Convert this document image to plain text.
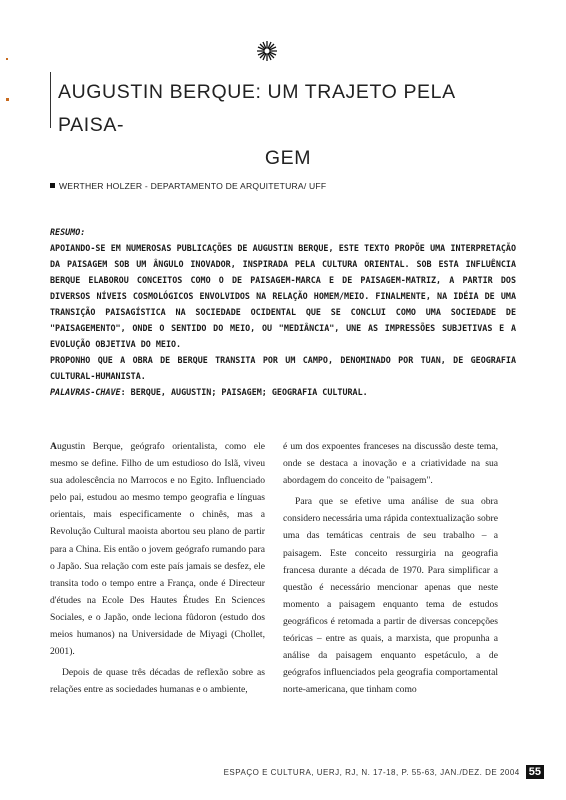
AUGUSTIN BERQUE: UM TRAJETO PELA PAISA-
GEM
WERTHER HOLZER - DEPARTAMENTO DE ARQUITETURA/ UFF
RESUMO:

APOIANDO-SE EM NUMEROSAS PUBLICAÇÕES DE AUGUSTIN BERQUE, ESTE TEXTO PROPÕE UMA INTERPRETAÇÃO DA PAISAGEM SOB UM ÂNGULO INOVADOR, INSPIRADA PELA CULTURA ORIENTAL. SOB ESTA INFLUÊNCIA BERQUE ELABOROU CONCEITOS COMO O DE PAISAGEM-MARCA E DE PAISAGEM-MATRIZ, A PARTIR DOS DIVERSOS NÍVEIS COSMOLÓGICOS ENVOLVIDOS NA RELAÇÃO HOMEM/MEIO. FINALMENTE, NA IDÉIA DE UMA TRANSIÇÃO PAISAGÍSTICA NA SOCIEDADE OCIDENTAL QUE SE CONCLUI COMO UMA SOCIEDADE DE "PAISAGEMENTO", ONDE O SENTIDO DO MEIO, OU "MEDIÂNCIA", UNE AS IMPRESSÕES SUBJETIVAS E A EVOLUÇÃO OBJETIVA DO MEIO.

PROPONHO QUE A OBRA DE BERQUE TRANSITA POR UM CAMPO, DENOMINADO POR TUAN, DE GEOGRAFIA CULTURAL-HUMANISTA.

PALAVRAS-CHAVE: BERQUE, AUGUSTIN; PAISAGEM; GEOGRAFIA CULTURAL.

Augustin Berque, geógrafo orientalista, como ele mesmo se define. Filho de um estudioso do Islã, viveu sua adolescência no Marrocos e no Egito. Influenciado pelo pai, estudou ao mesmo tempo geografia e línguas orientais, mais especificamente o chinês, mas a Revolução Cultural maoista abortou seu plano de partir para a China. Eis então o jovem geógrafo rumando para o Japão. Sua relação com este país jamais se desfez, ele transita todo o tempo entre a França, onde é Directeur d'études na Ecole Des Hautes Études En Sciences Sociales, e o Japão, onde leciona fûdoron (estudo dos meios humanos) na Universidade de Miyagi (Chollet, 2001).

Depois de quase três décadas de reflexão sobre as relações entre as sociedades humanas e o ambiente,

é um dos expoentes franceses na discussão deste tema, onde se destaca a inovação e a criatividade na sua abordagem do conceito de "paisagem".

Para que se efetive uma análise de sua obra considero necessária uma rápida contextualização sobre uma das temáticas centrais de seu trabalho – a paisagem. Este conceito ressurgiria na geografia francesa durante a década de 1970. Para simplificar a questão é necessário mencionar apenas que neste momento a paisagem enquanto tema de estudos geográficos é retomada a partir de diversas concepções teóricas – entre as quais, a marxista, que propunha a análise da paisagem enquanto espetáculo, a de geógrafos influenciados pela geografia comportamental norte-americana, que tinham como

ESPAÇO E CULTURA, UERJ, RJ, N. 17-18, P. 55-63, JAN./DEZ. DE 2004 55
